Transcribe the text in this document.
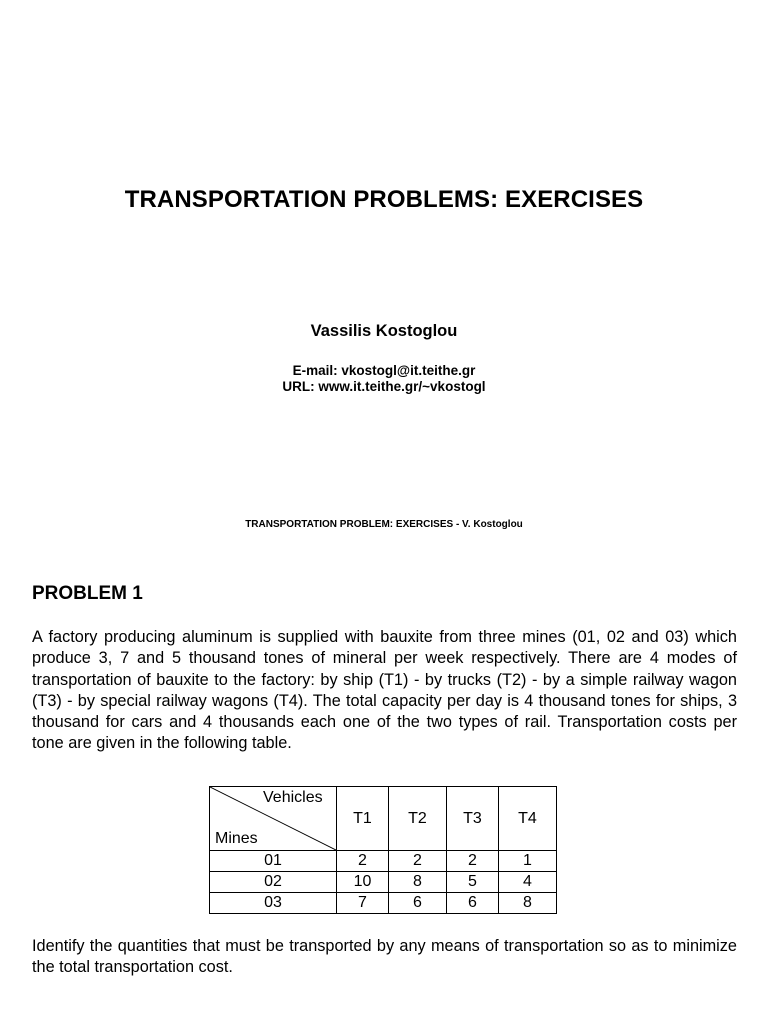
TRANSPORTATION PROBLEMS: EXERCISES
Vassilis Kostoglou
E-mail: vkostogl@it.teithe.gr
URL: www.it.teithe.gr/~vkostogl
TRANSPORTATION PROBLEM: EXERCISES - V. Kostoglou
PROBLEM 1
A factory producing aluminum is supplied with bauxite from three mines (01, 02 and 03) which produce 3, 7 and 5 thousand tones of mineral per week respectively. There are 4 modes of transportation of bauxite to the factory: by ship (T1) - by trucks (T2) - by a simple railway wagon (T3) - by special railway wagons (T4). The total capacity per day is 4 thousand tones for ships, 3 thousand for cars and 4 thousands each one of the two types of rail. Transportation costs per tone are given in the following table.
Vehicles
Mines	T1	T2	T3	T4
01	2	2	2	1
02	10	8	5	4
03	7	6	6	8
Identify the quantities that must be transported by any means of transportation so as to minimize the total transportation cost.
